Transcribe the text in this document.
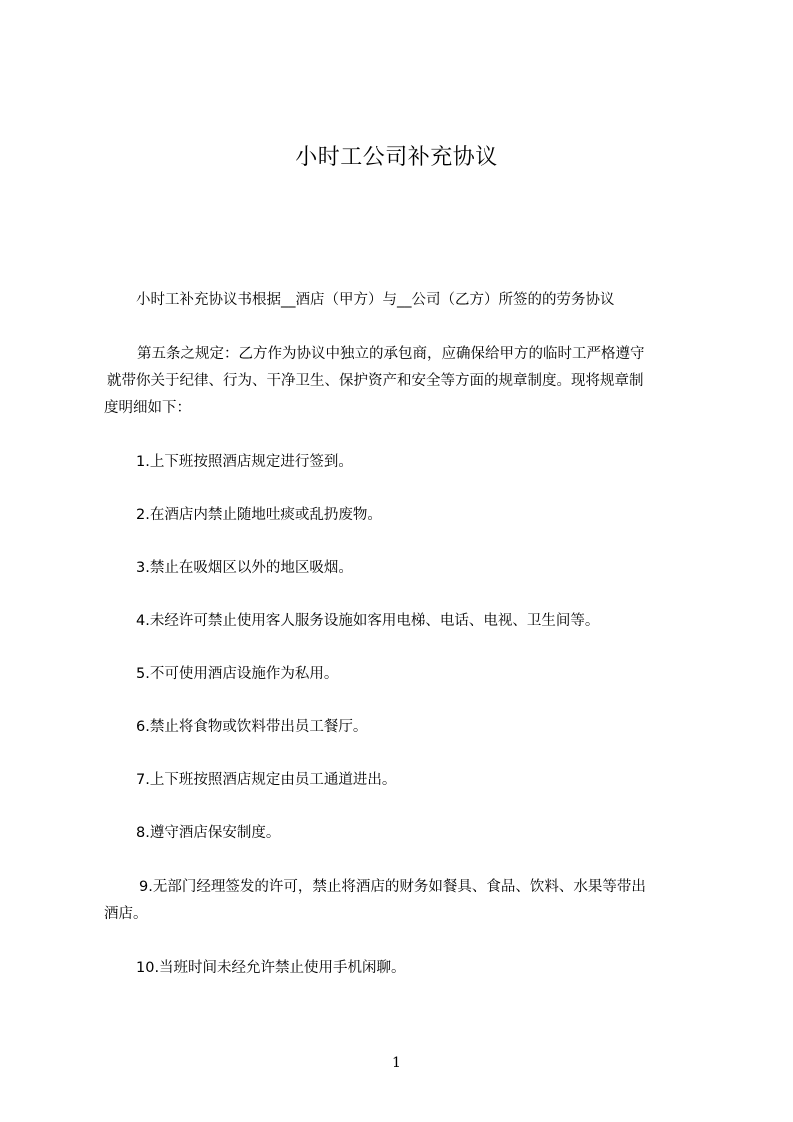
小时工公司补充协议
小时工补充协议书根据__酒店（甲方）与__公司（乙方）所签的的劳务协议
第五条之规定：乙方作为协议中独立的承包商，应确保给甲方的临时工严格遵守
就带你关于纪律、行为、干净卫生、保护资产和安全等方面的规章制度。现将规章制
度明细如下：
1.上下班按照酒店规定进行签到。
2.在酒店内禁止随地吐痰或乱扔废物。
3.禁止在吸烟区以外的地区吸烟。
4.未经许可禁止使用客人服务设施如客用电梯、电话、电视、卫生间等。
5.不可使用酒店设施作为私用。
6.禁止将食物或饮料带出员工餐厅。
7.上下班按照酒店规定由员工通道进出。
8.遵守酒店保安制度。
9.无部门经理签发的许可，禁止将酒店的财务如餐具、食品、饮料、水果等带出
酒店。
10.当班时间未经允许禁止使用手机闲聊。
1
